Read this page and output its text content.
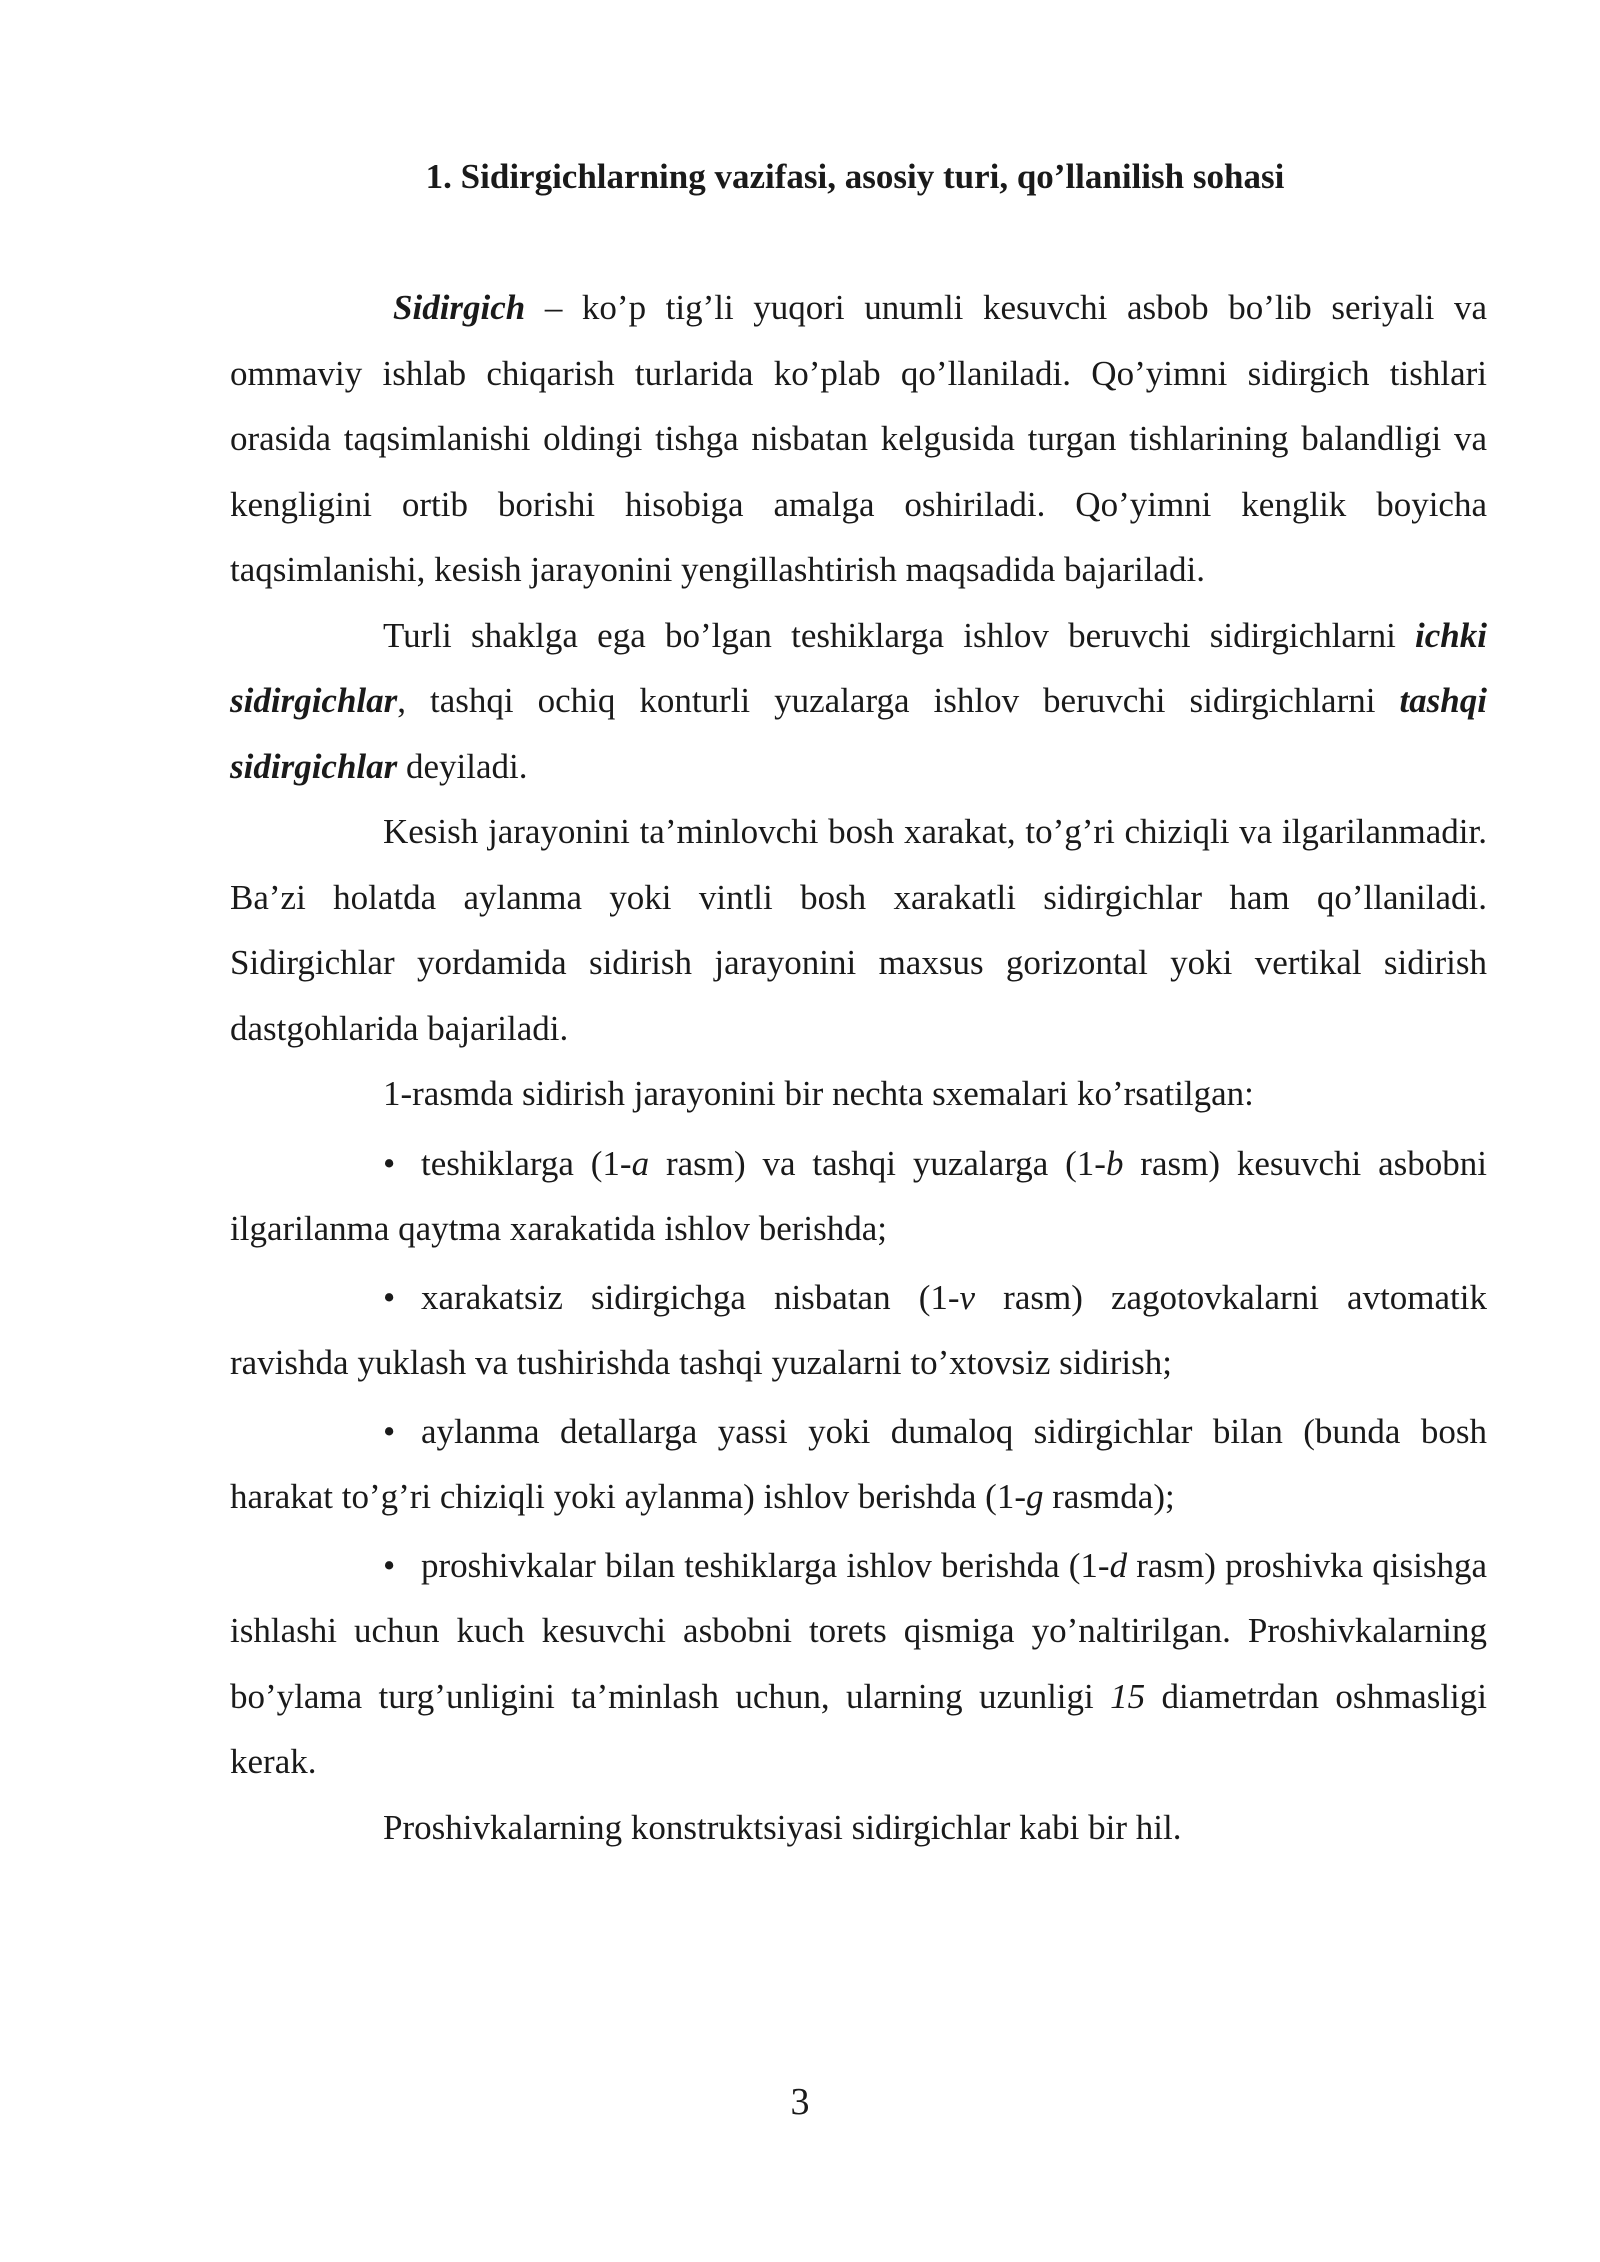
1. Sidirgichlarning vazifasi, asosiy turi, qo’llanilish sohasi

Sidirgich – ko’p tig’li yuqori unumli kesuvchi asbob bo’lib seriyali va ommaviy ishlab chiqarish turlarida ko’plab qo’llaniladi. Qo’yimni sidirgich tishlari orasida taqsimlanishi oldingi tishga nisbatan kelgusida turgan tishlarining balandligi va kengligini ortib borishi hisobiga amalga oshiriladi. Qo’yimni kenglik boyicha taqsimlanishi, kesish jarayonini yengillashtirish maqsadida bajariladi.

Turli shaklga ega bo’lgan teshiklarga ishlov beruvchi sidirgichlarni ichki sidirgichlar, tashqi ochiq konturli yuzalarga ishlov beruvchi sidirgichlarni tashqi sidirgichlar deyiladi.

Kesish jarayonini ta’minlovchi bosh xarakat, to’g’ri chiziqli va ilgarilanmadir. Ba’zi holatda aylanma yoki vintli bosh xarakatli sidirgichlar ham qo’llaniladi. Sidirgichlar yordamida sidirish jarayonini maxsus gorizontal yoki vertikal sidirish dastgohlarida bajariladi.

1-rasmda sidirish jarayonini bir nechta sxemalari ko’rsatilgan:

• teshiklarga (1-a rasm) va tashqi yuzalarga (1-b rasm) kesuvchi asbobni ilgarilanma qaytma xarakatida ishlov berishda;

• xarakatsiz sidirgichga nisbatan (1-v rasm) zagotovkalarni avtomatik ravishda yuklash va tushirishda tashqi yuzalarni to’xtovsiz sidirish;

• aylanma detallarga yassi yoki dumaloq sidirgichlar bilan (bunda bosh harakat to’g’ri chiziqli yoki aylanma) ishlov berishda (1-g rasmda);

• proshivkalar bilan teshiklarga ishlov berishda (1-d rasm) proshivka qisishga ishlashi uchun kuch kesuvchi asbobni torets qismiga yo’naltirilgan. Proshivkalarning bo’ylama turg’unligini ta’minlash uchun, ularning uzunligi 15 diametrdan oshmasligi kerak.

Proshivkalarning konstruktsiyasi sidirgichlar kabi bir hil.

3
